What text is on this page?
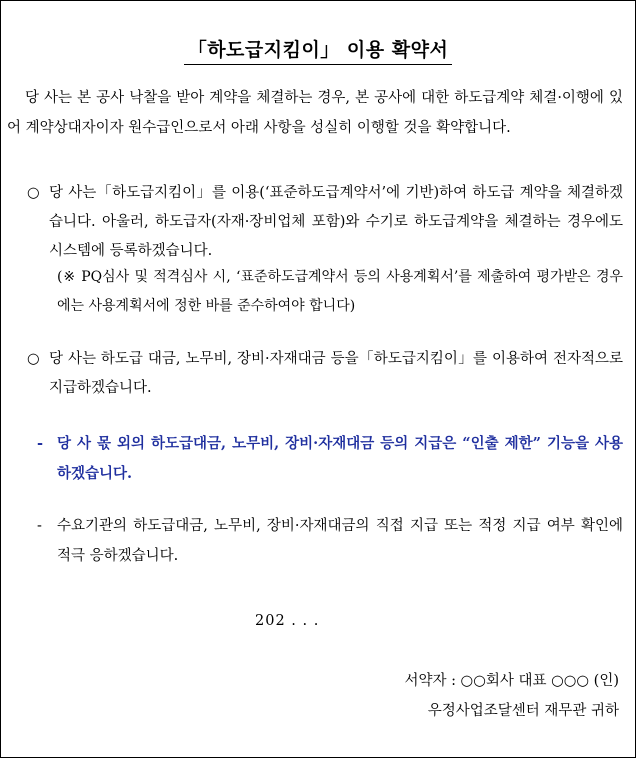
「하도급지킴이」 이용 확약서
당 사는 본 공사 낙찰을 받아 계약을 체결하는 경우, 본 공사에 대한 하도급계약 체결·이행에 있어 계약상대자이자 원수급인으로서 아래 사항을 성실히 이행할 것을 확약합니다.
○ 당 사는「하도급지킴이」를 이용(‘표준하도급계약서’에 기반)하여 하도급 계약을 체결하겠습니다. 아울러, 하도급자(자재·장비업체 포함)와 수기로 하도급계약을 체결하는 경우에도 시스템에 등록하겠습니다.
(※ PQ심사 및 적격심사 시, ‘표준하도급계약서 등의 사용계획서’를 제출하여 평가받은 경우에는 사용계획서에 정한 바를 준수하여야 합니다)
○ 당 사는 하도급 대금, 노무비, 장비·자재대금 등을「하도급지킴이」를 이용하여 전자적으로 지급하겠습니다.
- 당 사 몫 외의 하도급대금, 노무비, 장비·자재대금 등의 지급은 “인출 제한” 기능을 사용하겠습니다.
- 수요기관의 하도급대금, 노무비, 장비·자재대금의 직접 지급 또는 적정 지급 여부 확인에 적극 응하겠습니다.
202 . . .
서약자 : ○○회사 대표 ○○○ (인)
우정사업조달센터 재무관 귀하
